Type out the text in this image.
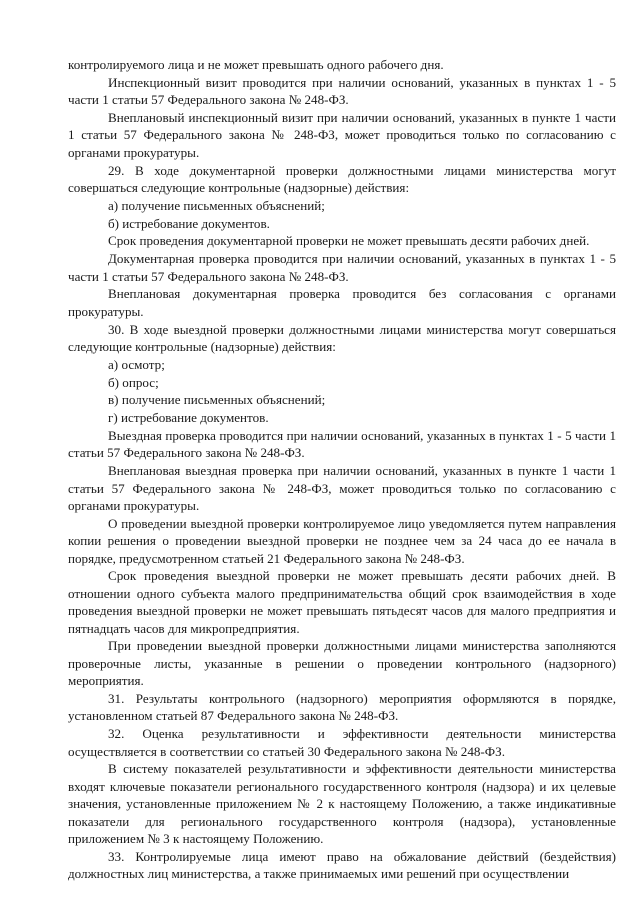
контролируемого лица и не может превышать одного рабочего дня.

Инспекционный визит проводится при наличии оснований, указанных в пунктах 1 - 5 части 1 статьи 57 Федерального закона № 248-ФЗ.

Внеплановый инспекционный визит при наличии оснований, указанных в пункте 1 части 1 статьи 57 Федерального закона № 248-ФЗ, может проводиться только по согласованию с органами прокуратуры.

29. В ходе документарной проверки должностными лицами министерства могут совершаться следующие контрольные (надзорные) действия:

а) получение письменных объяснений;

б) истребование документов.

Срок проведения документарной проверки не может превышать десяти рабочих дней.

Документарная проверка проводится при наличии оснований, указанных в пунктах 1 - 5 части 1 статьи 57 Федерального закона № 248-ФЗ.

Внеплановая документарная проверка проводится без согласования с органами прокуратуры.

30. В ходе выездной проверки должностными лицами министерства могут совершаться следующие контрольные (надзорные) действия:

а) осмотр;

б) опрос;

в) получение письменных объяснений;

г) истребование документов.

Выездная проверка проводится при наличии оснований, указанных в пунктах 1 - 5 части 1 статьи 57 Федерального закона № 248-ФЗ.

Внеплановая выездная проверка при наличии оснований, указанных в пункте 1 части 1 статьи 57 Федерального закона № 248-ФЗ, может проводиться только по согласованию с органами прокуратуры.

О проведении выездной проверки контролируемое лицо уведомляется путем направления копии решения о проведении выездной проверки не позднее чем за 24 часа до ее начала в порядке, предусмотренном статьей 21 Федерального закона № 248-ФЗ.

Срок проведения выездной проверки не может превышать десяти рабочих дней. В отношении одного субъекта малого предпринимательства общий срок взаимодействия в ходе проведения выездной проверки не может превышать пятьдесят часов для малого предприятия и пятнадцать часов для микропредприятия.

При проведении выездной проверки должностными лицами министерства заполняются проверочные листы, указанные в решении о проведении контрольного (надзорного) мероприятия.

31. Результаты контрольного (надзорного) мероприятия оформляются в порядке, установленном статьей 87 Федерального закона № 248-ФЗ.

32. Оценка результативности и эффективности деятельности министерства осуществляется в соответствии со статьей 30 Федерального закона № 248-ФЗ.

В систему показателей результативности и эффективности деятельности министерства входят ключевые показатели регионального государственного контроля (надзора) и их целевые значения, установленные приложением № 2 к настоящему Положению, а также индикативные показатели для регионального государственного контроля (надзора), установленные приложением № 3 к настоящему Положению.

33. Контролируемые лица имеют право на обжалование действий (бездействия) должностных лиц министерства, а также принимаемых ими решений при осуществлении
